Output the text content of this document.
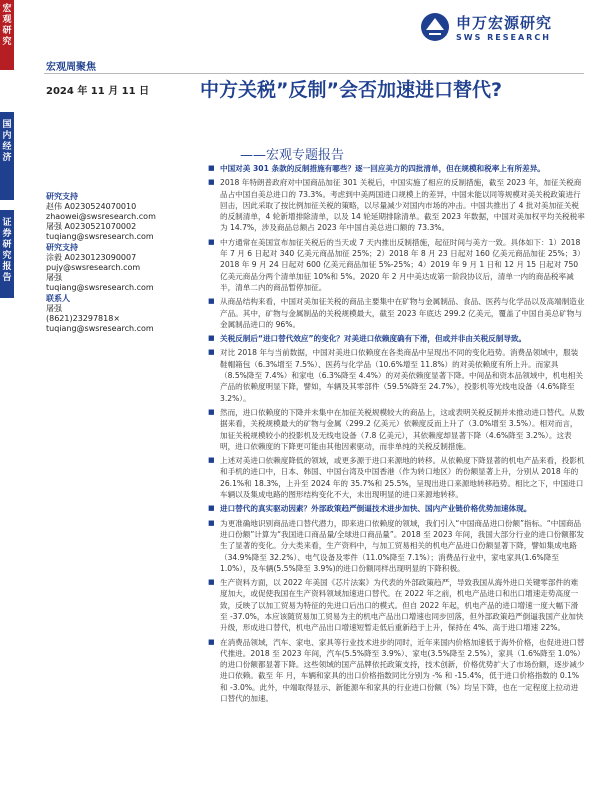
宏观研究
国内经济
证券研究报告
申万宏源研究
SWS RESEARCH
宏观周聚焦
2024 年 11 月 11 日	中方关税”反制”会否加速进口替代?
——宏观专题报告
研究支持
赵伟 A0230524070010
zhaowei@swsresearch.com
屠强 A0230521070002
tuqiang@swsresearch.com
研究支持
涂毅 A0230123090007
pujy@swsresearch.com
屠强
tuqiang@swsresearch.com
联系人
屠强
(8621)23297818×
tuqiang@swsresearch.com
■ 中国对美 301 条款的反制措施有哪些？逐一回应美方的四批清单，但在规模和税率上有所差异。
■ 2018 年特朗普政府对中国商品加征 301 关税后，中国实施了相应的反制措施，截至 2023 年，加征关税商品占中国自美总进口的 73.3%。考虑到中美两国进口规模上的差异，中国未能以同等规模对美关税政策进行回击，因此采取了按比例加征关税的策略，以尽量减少对国内市场的冲击。中国共推出了 4 批对美加征关税的反制清单，4 轮新增排除清单，以及 14 轮延期排除清单。截至 2023 年数据，中国对美加权平均关税税率为 14.7%，涉及商品总额占 2023 年中国自美总进口额的 73.3%。
■ 中方通常在美国宣布加征关税后的当天或 7 天内推出反制措施，起征时间与美方一致。具体如下：1）2018 年 7 月 6 日起对 340 亿美元商品加征 25%；2）2018 年 8 月 23 日起对 160 亿美元商品加征 25%；3）2018 年 9 月 24 日起对 600 亿美元商品加征 5%-25%；4）2019 年 9 月 1 日和 12 月 15 日起对 750 亿美元商品分两个清单加征 10%和 5%。2020 年 2 月中美达成第一阶段协议后，清单一内的商品税率减半，清单二内的商品暂停加征。
■ 从商品结构来看，中国对美加征关税的商品主要集中在矿物与金属制品、食品、医药与化学品以及高端制造业产品。其中，矿物与金属制品的关税规模最大，截至 2023 年底达 299.2 亿美元，覆盖了中国自美总矿物与金属制品进口的 96%。
■ 关税反制后“进口替代效应”的变化？对美进口依赖度确有下滑，但或并非由关税反制导致。
■ 对比 2018 年与当前数据，中国对美进口依赖度在各类商品中呈现出不同的变化趋势。消费品领域中，服装鞋帽箱包（6.3%增至 7.5%）、医药与化学品（10.6%增至 11.8%）的对美依赖度有所上升。而家具（8.5%降至 7.4%）和家电（6.3%降至 4.4%）的对美依赖度显著下降。中间品和资本品领域中，机电相关产品的依赖度明显下降，譬如，车辆及其零部件（59.5%降至 24.7%），投影机等光线电设备（4.6%降至 3.2%）。
■ 然而，进口依赖度的下降并未集中在加征关税规模较大的商品上，这或表明关税反制并未推动进口替代。从数据来看，关税规模最大的矿物与金属（299.2 亿美元）依赖度反而上升了（3.0%增至 3.5%）。相对而言，加征关税规模较小的投影机及无线电设备（7.8 亿美元），其依赖度却显著下降（4.6%降至 3.2%）。这表明，进口依赖度的下降更可能由其他因素驱动，而非单纯的关税反制措施。
■ 上述对美进口依赖度降低的领域，或更多源于进口来源地的转移。从依赖度下降显著的机电产品来看，投影机和手机的进口中，日本、韩国、中国台湾及中国香港（作为转口地区）的份额显著上升，分别从 2018 年的 26.1%和 18.3%，上升至 2024 年的 35.7%和 25.5%，呈现出进口来源地转移趋势。相比之下，中国进口车辆以及集成电路的图形结构变化不大，未出现明显的进口来源地转移。
■ 进口替代的真实驱动因素？外部政策趋严倒逼技术进步加快、国内产业链价格优势加速体现。
■ 为更准确地识别商品进口替代潜力，即来进口依赖度的领域，我们引入“中国商品进口份额”指标。“中国商品进口份额”计算为“我国进口商品量/全球进口商品量”。2018 至 2023 年间，我国大部分行业的进口份额都发生了显著的变化。分大类来看，生产资料中，与加工贸易相关的机电产品进口份额显著下降，譬如集成电路（34.9%降至 32.2%）、电气设备及零件（11.0%降至 7.1%）；消费品行业中，家电家具(1.6%降至 1.0%），及车辆(5.5%降至 3.9%)的进口份额同样出现明显的下降积极。
■ 生产资料方面，以 2022 年美国《芯片法案》为代表的外部政策趋严，导致我国从海外进口关键零部件的难度加大，或促使我国在生产资料领域加速进口替代。在 2022 年之前，机电产品进口和出口增速走势高度一致，反映了以加工贸易为特征的先进口后出口的模式。但自 2022 年起，机电产品的进口增速一度大幅下滑至 -37.0%，本应该随贸易加工贸易为主的机电产品出口增速也同步回落，但外部政策趋严倒逼我国产业加快升级，形成进口替代，机电产品出口增速短暂走低后重新趋于上升，保持在 4%、高于进口增速 22%。
■ 在消费品领域，汽车、家电、家具等行业技术进步的同时，近年来国内价格加速低于海外价格，也促进进口替代推进。2018 至 2023 年间，汽车(5.5%降至 3.9%）、家电(3.5%降至 2.5%），家具（1.6%降至 1.0%）的进口份额都显著下降。这些领域的国产品牌依托政策支持，技术创新，价格优势扩大了市场份额，逐步减少进口依赖。截至 年 月，车辆和家具的出口价格指数同比分别为 -% 和 -15.4%，低于进口价格指数的 0.1%和 -3.0%。此外，中端取得显示、新能源车和家具的行业进口份额（%）均呈下降，也在一定程度上拉动进口替代的加速。
